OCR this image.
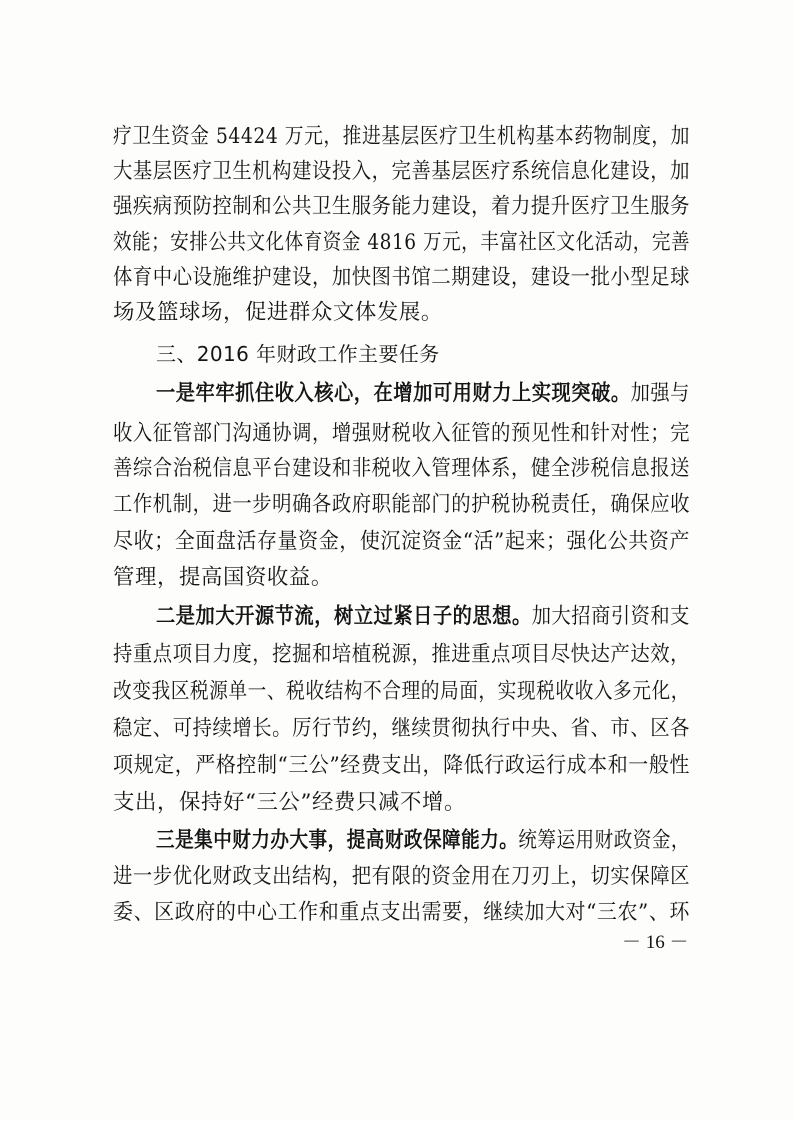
疗卫生资金 54424 万元，推进基层医疗卫生机构基本药物制度，加
大基层医疗卫生机构建设投入，完善基层医疗系统信息化建设，加
强疾病预防控制和公共卫生服务能力建设，着力提升医疗卫生服务
效能；安排公共文化体育资金 4816 万元，丰富社区文化活动，完善
体育中心设施维护建设，加快图书馆二期建设，建设一批小型足球
场及篮球场，促进群众文体发展。
三、2016 年财政工作主要任务
一是牢牢抓住收入核心，在增加可用财力上实现突破。加强与
收入征管部门沟通协调，增强财税收入征管的预见性和针对性；完
善综合治税信息平台建设和非税收入管理体系，健全涉税信息报送
工作机制，进一步明确各政府职能部门的护税协税责任，确保应收
尽收；全面盘活存量资金，使沉淀资金“活”起来；强化公共资产
管理，提高国资收益。
二是加大开源节流，树立过紧日子的思想。加大招商引资和支
持重点项目力度，挖掘和培植税源，推进重点项目尽快达产达效，
改变我区税源单一、税收结构不合理的局面，实现税收收入多元化，
稳定、可持续增长。厉行节约，继续贯彻执行中央、省、市、区各
项规定，严格控制“三公”经费支出，降低行政运行成本和一般性
支出，保持好“三公”经费只减不增。
三是集中财力办大事，提高财政保障能力。统筹运用财政资金，
进一步优化财政支出结构，把有限的资金用在刀刃上，切实保障区
委、区政府的中心工作和重点支出需要，继续加大对“三农”、环
－ 16 －
